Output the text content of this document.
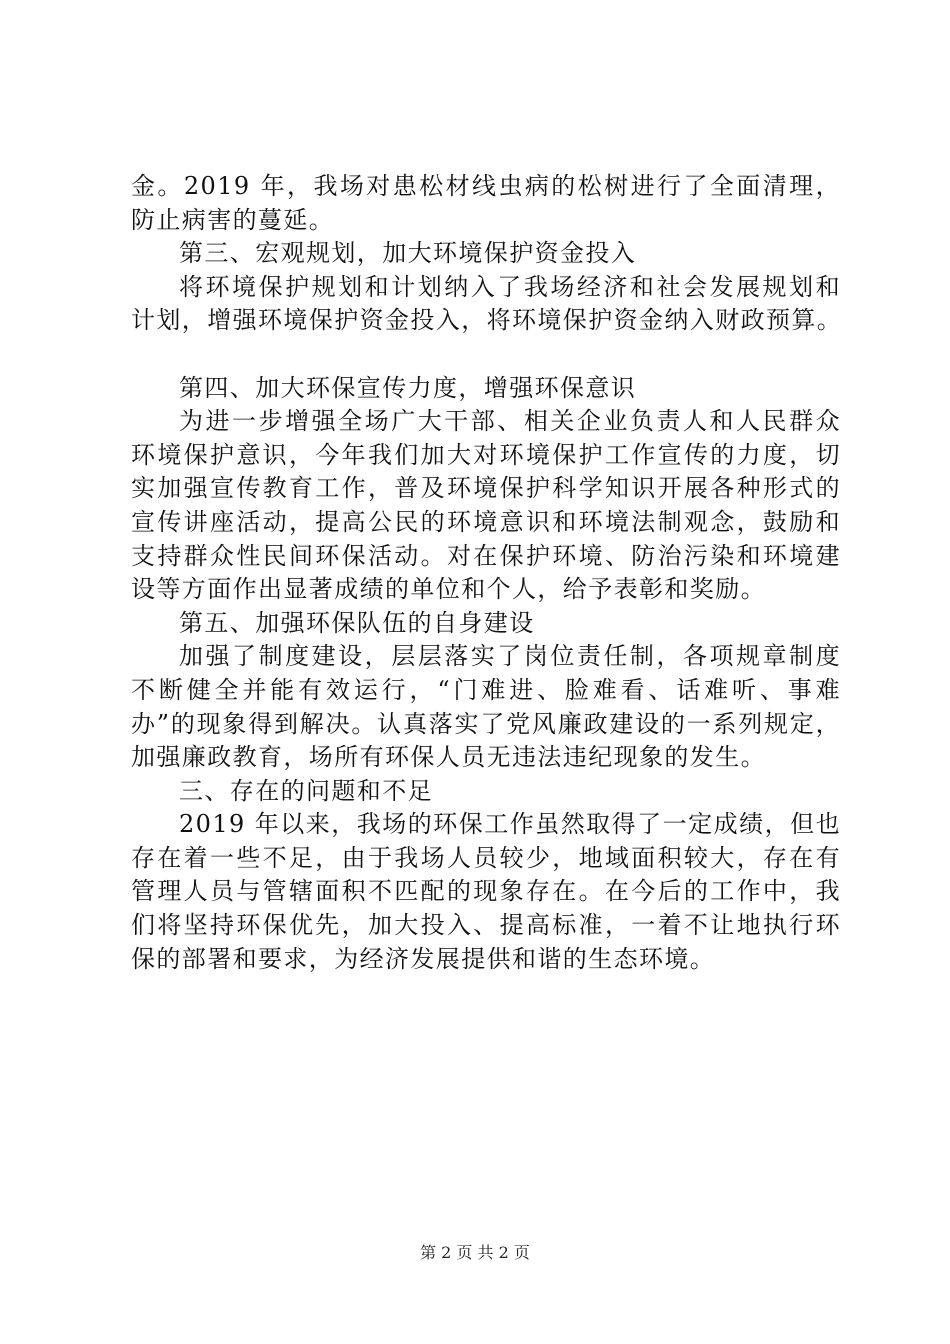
金。2019 年，我场对患松材线虫病的松树进行了全面清理，
防止病害的蔓延。
第三、宏观规划，加大环境保护资金投入
将环境保护规划和计划纳入了我场经济和社会发展规划和
计划，增强环境保护资金投入，将环境保护资金纳入财政预算。
第四、加大环保宣传力度，增强环保意识
为进一步增强全场广大干部、相关企业负责人和人民群众
环境保护意识，今年我们加大对环境保护工作宣传的力度，切
实加强宣传教育工作，普及环境保护科学知识开展各种形式的
宣传讲座活动，提高公民的环境意识和环境法制观念，鼓励和
支持群众性民间环保活动。对在保护环境、防治污染和环境建
设等方面作出显著成绩的单位和个人，给予表彰和奖励。
第五、加强环保队伍的自身建设
加强了制度建设，层层落实了岗位责任制，各项规章制度
不断健全并能有效运行，“门难进、脸难看、话难听、事难
办”的现象得到解决。认真落实了党风廉政建设的一系列规定，
加强廉政教育，场所有环保人员无违法违纪现象的发生。
三、存在的问题和不足
2019 年以来，我场的环保工作虽然取得了一定成绩，但也
存在着一些不足，由于我场人员较少，地域面积较大，存在有
管理人员与管辖面积不匹配的现象存在。在今后的工作中，我
们将坚持环保优先，加大投入、提高标准，一着不让地执行环
保的部署和要求，为经济发展提供和谐的生态环境。
第 2 页 共 2 页
